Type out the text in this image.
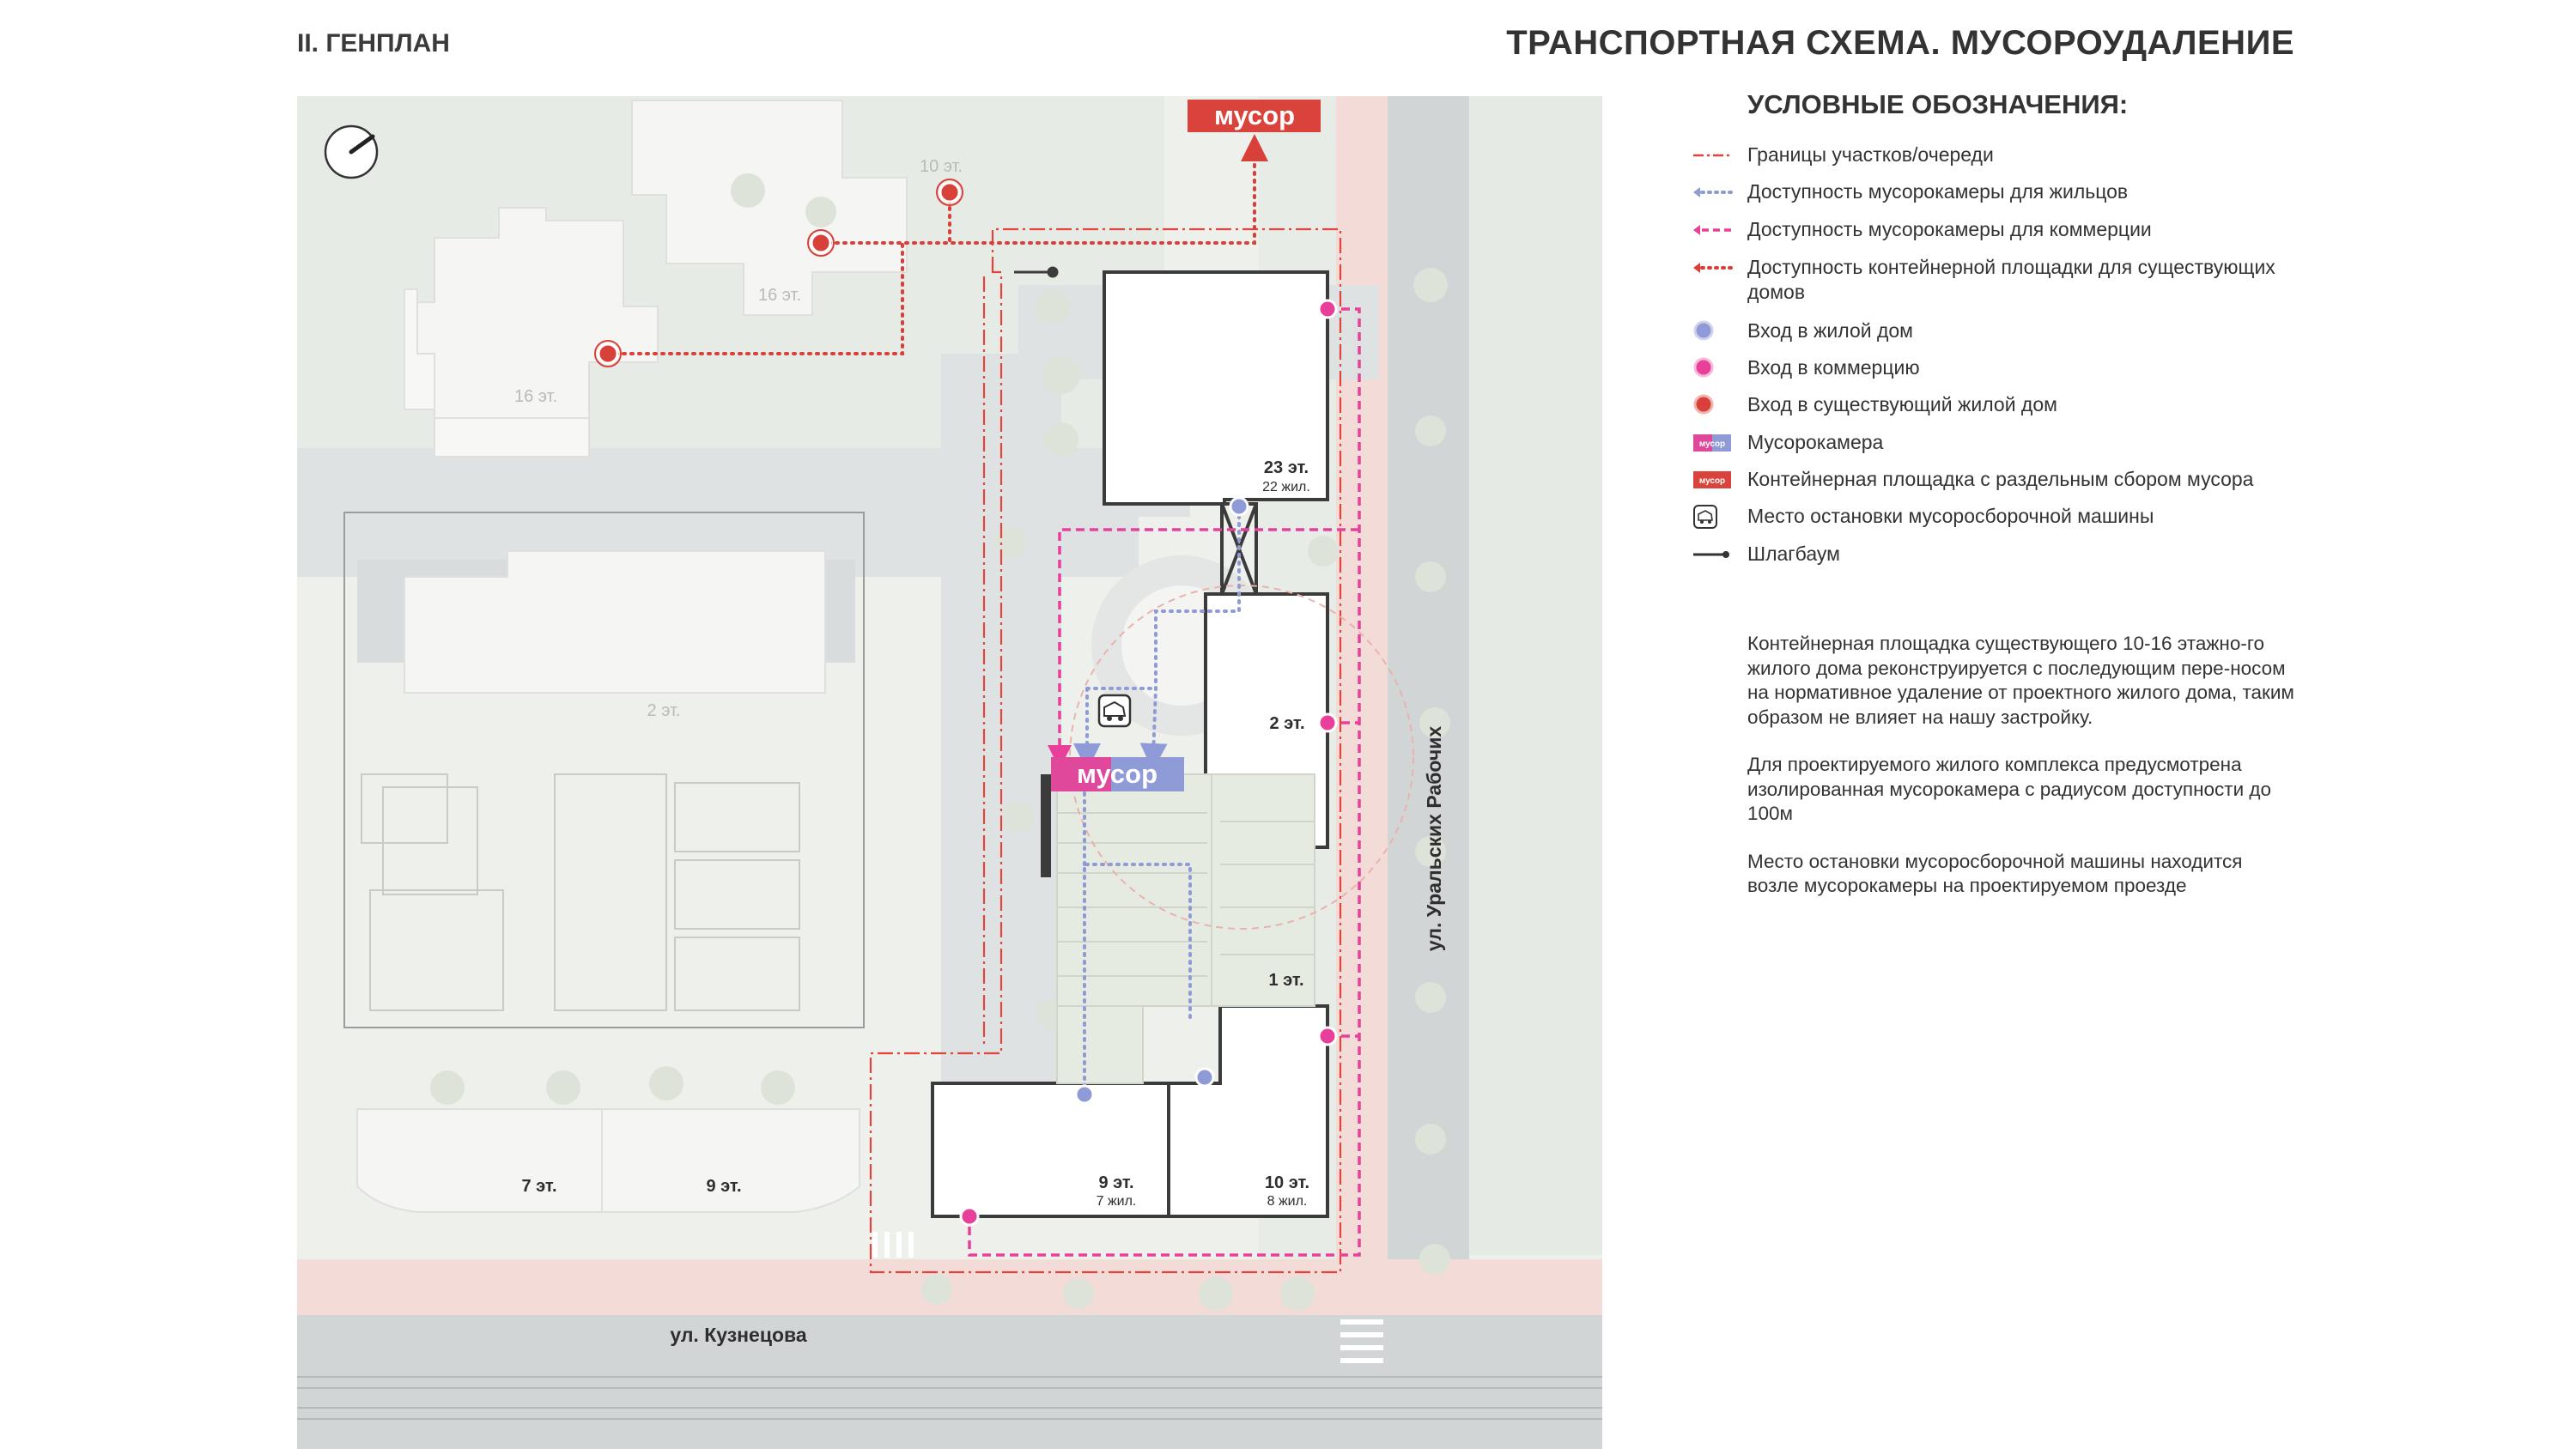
II. ГЕНПЛАН	ТРАНСПОРТНАЯ СХЕМА. МУСОРОУДАЛЕНИЕ
мусор
мусор
10 эт.
16 эт.
16 эт.
2 эт.
7 эт.	9 эт.
23 эт.
2 эт.
1 эт.
9 эт.	10 эт.
22 жил.
7 жил.	8 жил.
ул. Кузнецова
ул. Уральских Рабочих
УСЛОВНЫЕ ОБОЗНАЧЕНИЯ:
Границы участков/очереди
Доступность мусорокамеры для жильцов
Доступность мусорокамеры для коммерции
Доступность контейнерной площадки для существующих домов
Вход в жилой дом
Вход в коммерцию
Вход в существующий жилой дом
мусор Мусорокамера
мусор Контейнерная площадка с раздельным сбором мусора
Место остановки мусоросборочной машины
Шлагбаум

Контейнерная площадка существующего 10-16 этажно-го жилого дома реконструируется с последующим пере-носом на нормативное удаление от проектного жилого дома, таким образом не влияет на нашу застройку.

Для проектируемого жилого комплекса предусмотрена изолированная мусорокамера с радиусом доступности до 100м

Место остановки мусоросборочной машины находится возле мусорокамеры на проектируемом проезде
